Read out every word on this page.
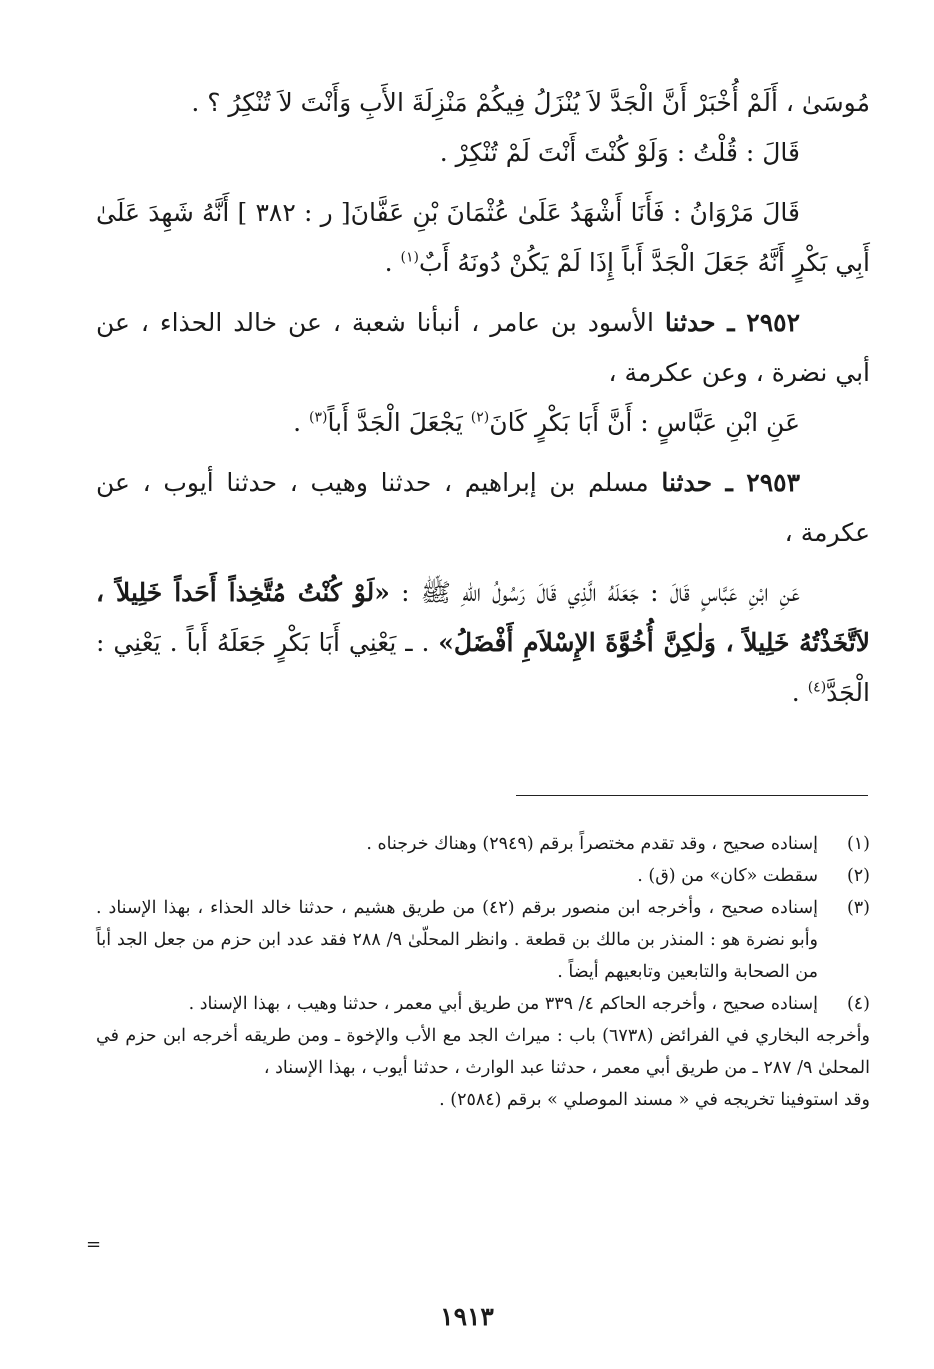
مُوسَىٰ ، أَلَمْ أُخْبَرْ أَنَّ الْجَدَّ لاَ يُنْزَلُ فِيكُمْ مَنْزِلَةَ الأَبِ وَأَنْتَ لاَ تُنْكِرُ ؟ .

قَالَ : قُلْتُ : وَلَوْ كُنْتَ أَنْتَ لَمْ تُنْكِرْ .

قَالَ مَرْوَانُ : فَأَنَا أَشْهَدُ عَلَىٰ عُثْمَانَ بْنِ عَفَّانَ[ ر : ٣٨٢ ] أَنَّهُ شَهِدَ عَلَىٰ أَبِي بَكْرٍ أَنَّهُ جَعَلَ الْجَدَّ أَباً إِذَا لَمْ يَكُنْ دُونَهُ أَبٌ$^{(١)}$ .

٢٩٥٢ ـ حدثنا الأسود بن عامر ، أنبأنا شعبة ، عن خالد الحذاء ، عن أبي نضرة ، وعن عكرمة ،

عَنِ ابْنِ عَبَّاسٍ : أَنَّ أَبَا بَكْرٍ كَانَ$^{(٢)}$ يَجْعَلَ الْجَدَّ أَباً$^{(٣)}$ .

٢٩٥٣ ـ حدثنا مسلم بن إبراهيم ، حدثنا وهيب ، حدثنا أيوب ، عن عكرمة ،

عَنِ ابْنِ عَبَّاسٍ قَالَ : جَعَلَهُ الَّذِي قَالَ رَسُولُ اللهِ ﷺ : «لَوْ كُنْتُ مُتَّخِذاً أَحَداً خَلِيلاً ، لاَتَّخَذْتُهُ خَلِيلاً ، وَلٰكِنَّ أُخُوَّةَ الإِسْلاَمِ أَفْضَلُ» . ـ يَعْنِي أَبَا بَكْرٍ جَعَلَهُ أَباً . يَعْنِي : الْجَدَّ$^{(٤)}$ .

(١)
إسناده صحيح ، وقد تقدم مختصراً برقم (٢٩٤٩) وهناك خرجناه .
(٢)
سقطت «كان» من (ق) .
(٣)
إسناده صحيح ، وأخرجه ابن منصور برقم (٤٢) من طريق هشيم ، حدثنا خالد الحذاء ، بهذا الإسناد . وأبو نضرة هو : المنذر بن مالك بن قطعة . وانظر المحلّىٰ ٩/ ٢٨٨ فقد عدد ابن حزم من جعل الجد أباً من الصحابة والتابعين وتابعيهم أيضاً .
(٤)
إسناده صحيح ، وأخرجه الحاكم ٤/ ٣٣٩ من طريق أبي معمر ، حدثنا وهيب ، بهذا الإسناد .
وأخرجه البخاري في الفرائض (٦٧٣٨) باب : ميراث الجد مع الأب والإخوة ـ ومن طريقه أخرجه ابن حزم في المحلىٰ ٩/ ٢٨٧ ـ من طريق أبي معمر ، حدثنا عبد الوارث ، حدثنا أيوب ، بهذا الإسناد ،
وقد استوفينا تخريجه في « مسند الموصلي » برقم (٢٥٨٤) .
=
١٩١٣
